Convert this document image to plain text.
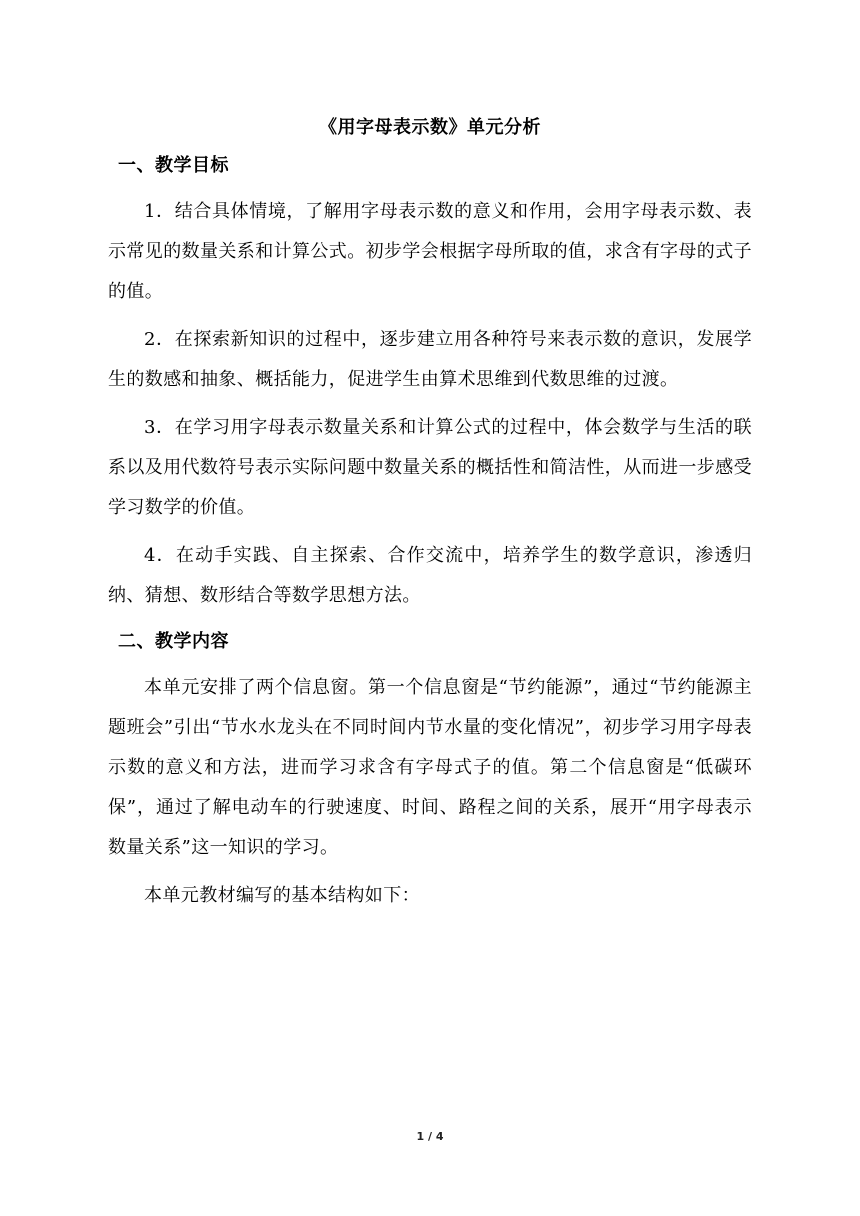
《用字母表示数》单元分析
一、教学目标

1．结合具体情境，了解用字母表示数的意义和作用，会用字母表示数、表示常见的数量关系和计算公式。初步学会根据字母所取的值，求含有字母的式子的值。

2．在探索新知识的过程中，逐步建立用各种符号来表示数的意识，发展学生的数感和抽象、概括能力，促进学生由算术思维到代数思维的过渡。

3．在学习用字母表示数量关系和计算公式的过程中，体会数学与生活的联系以及用代数符号表示实际问题中数量关系的概括性和简洁性，从而进一步感受学习数学的价值。

4．在动手实践、自主探索、合作交流中，培养学生的数学意识，渗透归纳、猜想、数形结合等数学思想方法。

二、教学内容

本单元安排了两个信息窗。第一个信息窗是“节约能源”，通过“节约能源主题班会”引出“节水水龙头在不同时间内节水量的变化情况”，初步学习用字母表示数的意义和方法，进而学习求含有字母式子的值。第二个信息窗是“低碳环保”，通过了解电动车的行驶速度、时间、路程之间的关系，展开“用字母表示数量关系”这一知识的学习。

本单元教材编写的基本结构如下：

1 / 4
